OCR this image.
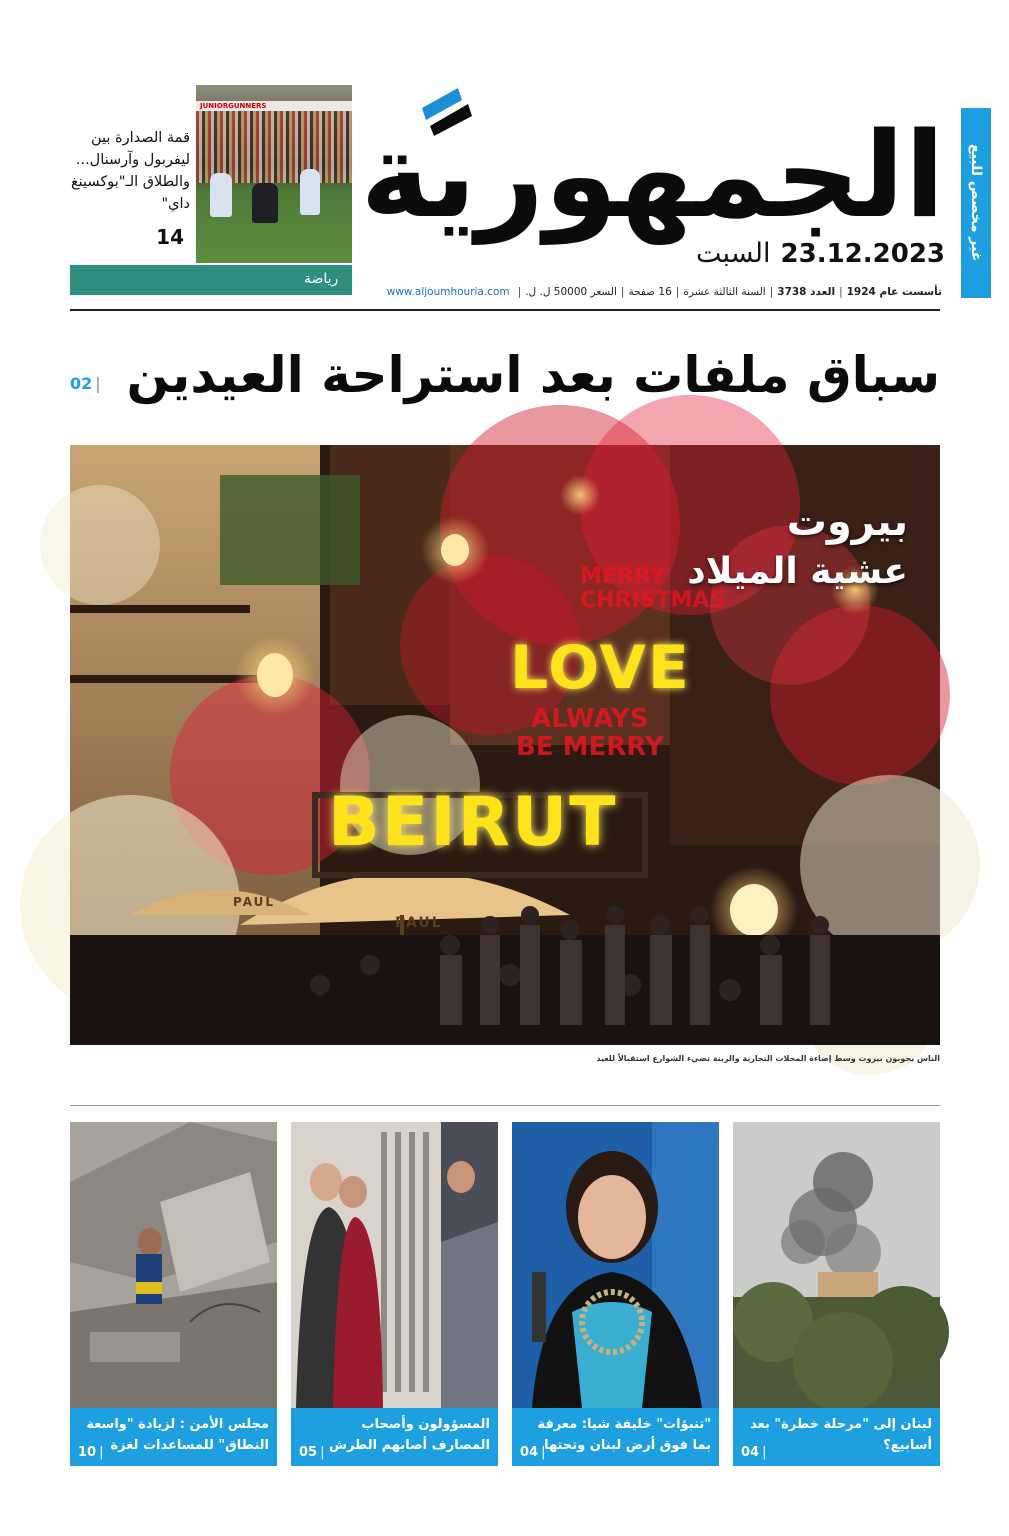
غير مخصص للبيع
الجمهورية
23.12.2023
السبت
تأسست عام 1924
|
العدد 3738
|
السنة الثالثة عشرة
|
16 صفحة
|
السعر 50000 ل. ل.
|
www.aljoumhouria.com
JUNIORGUNNERS
قمة الصدارة بين ليفربول وآرسنال... والطلاق الـ"بوكسينغ داي"
14
رياضة
سباق ملفات بعد استراحة العيدين
02 |
MERRY
CHRISTMAS
LOVE
ALWAYS
BE MERRY
BEIRUT
PAUL
PAUL
بيروت
عشية الميلاد
الناس يجوبون بيروت وسط إضاءة المحلات التجارية والزينة تضيء الشوارع استقبالاً للعيد
لبنان إلى "مرحلة خطرة" بعد أسابيع؟
04 |
"تنبؤات" خليفة شيا: معرفة بما فوق أرض لبنان وتحتها
04 |
المسؤولون وأصحاب المصارف أصابهم الطرش
05 |
مجلس الأمن : لزيادة "واسعة النطاق" للمساعدات لغزة
10 |
